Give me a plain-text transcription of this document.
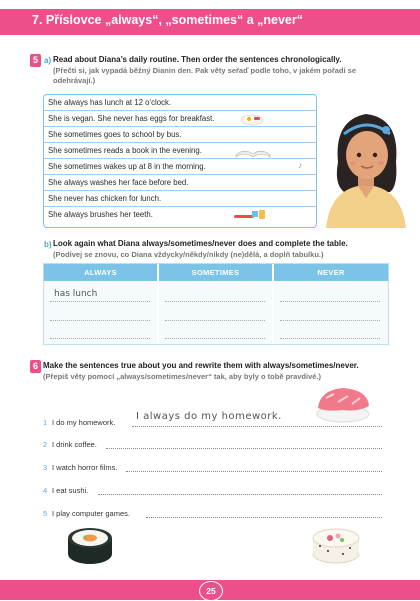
7. Příslovce „always“, „sometimes“ a „never“
5 a) Read about Diana’s daily routine. Then order the sentences chronologically.
(Přečti si, jak vypadá běžný Dianin den. Pak věty seřaď podle toho, v jakém pořadí se odehrávají.)
She always has lunch at 12 o’clock.
She is vegan. She never has eggs for breakfast.
She sometimes goes to school by bus.
She sometimes reads a book in the evening.
She sometimes wakes up at 8 in the morning.
She always washes her face before bed.
She never has chicken for lunch.
She always brushes her teeth.
♪
b) Look again what Diana always/sometimes/never does and complete the table.
(Podívej se znovu, co Diana vždycky/někdy/nikdy (ne)dělá, a doplň tabulku.)
ALWAYS	SOMETIMES	NEVER
has lunch
6 Make the sentences true about you and rewrite them with always/sometimes/never.
(Přepiš věty pomocí „always/sometimes/never“ tak, aby byly o tobě pravdivé.)
1 I do my homework.
I always do my homework.
2 I drink coffee.
3 I watch horror films.
4 I eat sushi.
5 I play computer games.
25
